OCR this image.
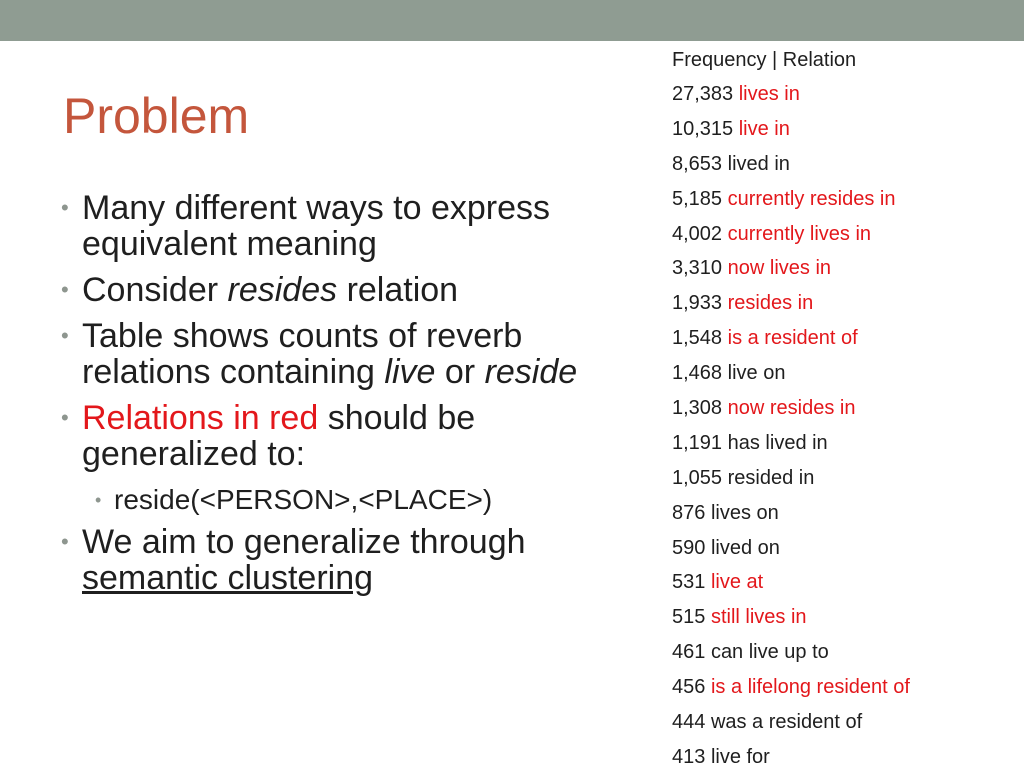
Problem
• Many different ways to express equivalent meaning
• Consider resides relation
• Table shows counts of reverb relations containing live or reside
• Relations in red should be generalized to:
• reside(<PERSON>,<PLACE>)
• We aim to generalize through semantic clustering
Frequency | Relation
27,383 lives in
10,315 live in
8,653 lived in
5,185 currently resides in
4,002 currently lives in
3,310 now lives in
1,933 resides in
1,548 is a resident of
1,468 live on
1,308 now resides in
1,191 has lived in
1,055 resided in
876 lives on
590 lived on
531 live at
515 still lives in
461 can live up to
456 is a lifelong resident of
444 was a resident of
413 live for
